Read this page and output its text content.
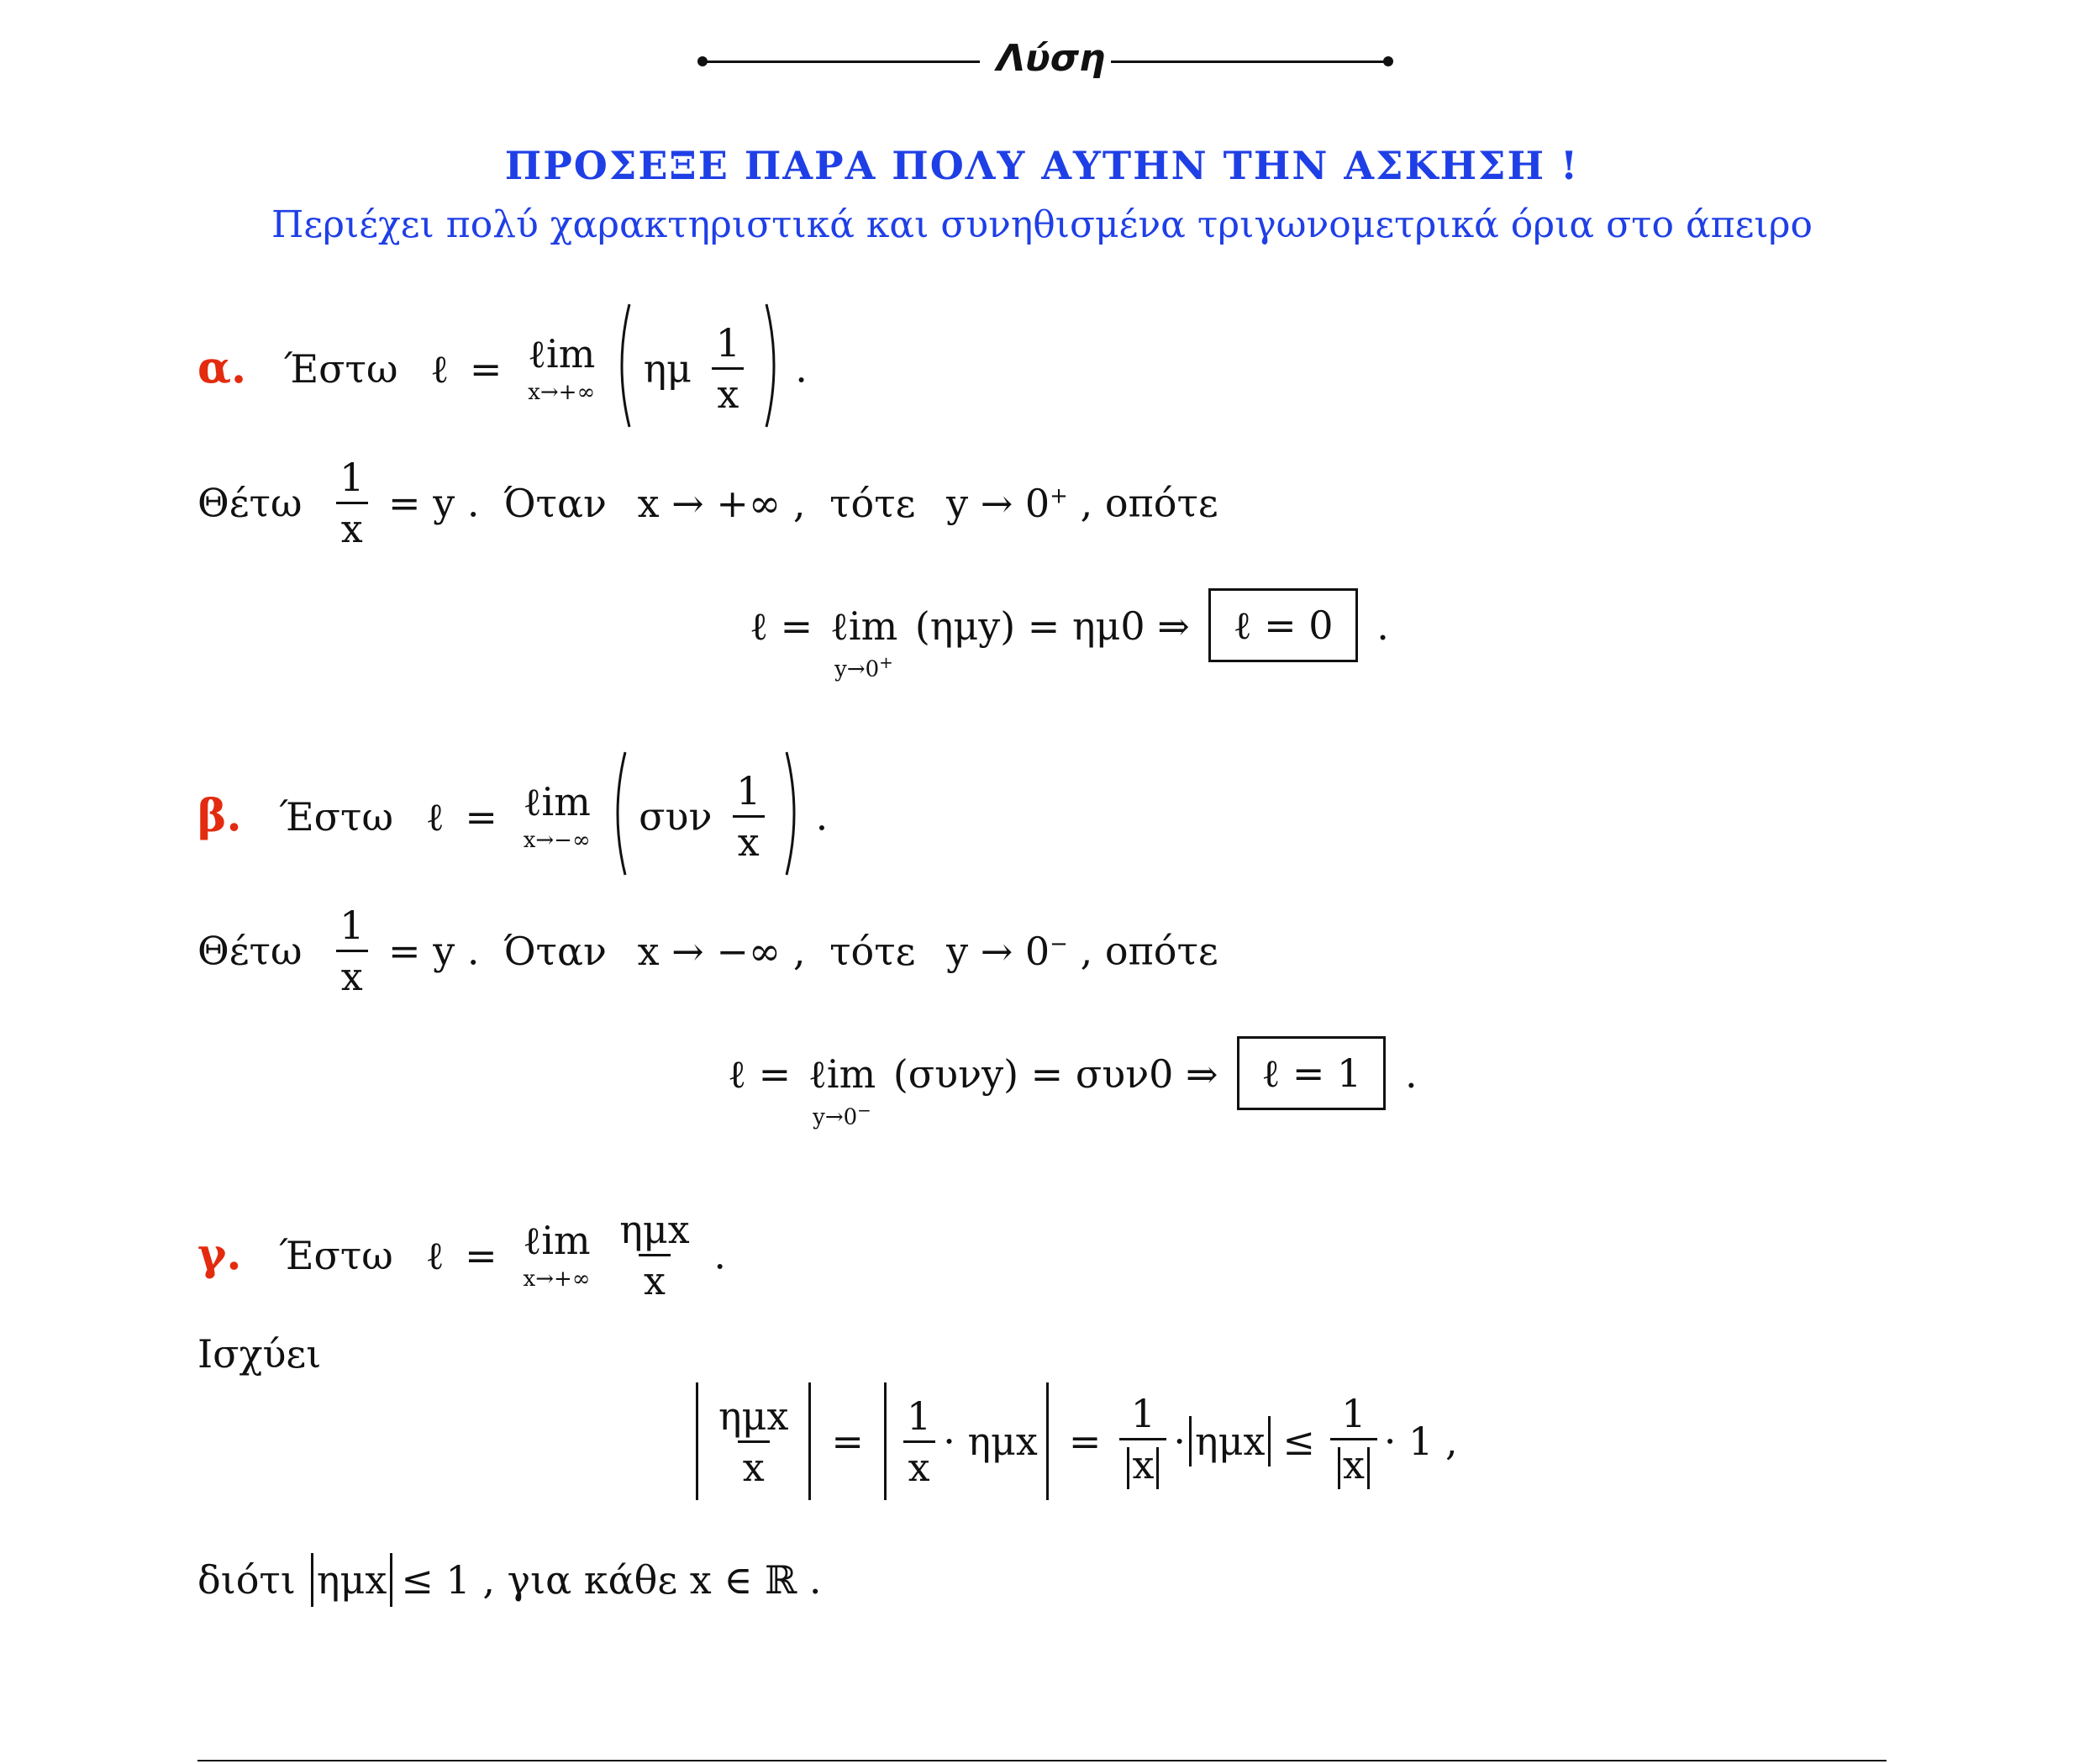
Λύση
ΠΡΟΣΕΞΕ ΠΑΡΑ ΠΟΛΥ ΑΥΤΗΝ ΤΗΝ ΑΣΚΗΣΗ !
Περιέχει πολύ χαρακτηριστικά και συνηθισμένα τριγωνομετρικά όρια στο άπειρο
α. Έστω ℓ = ℓim
x→+∞
ημ $\frac{1}{x}$ .
Θέτω $\frac{1}{x} = y$ . Όταν x → +∞ , τότε y → 0+ , οπότε
ℓ = ℓim
y→0+
(ημy) = ημ0 ⇒ ℓ = 0 .
β. Έστω ℓ = ℓim
x→−∞
συν $\frac{1}{x}$ .
Θέτω $\frac{1}{x} = y$ . Όταν x → −∞ , τότε y → 0− , οπότε
ℓ = ℓim
y→0−
(συνy) = συν0 ⇒ ℓ = 1 .
γ. Έστω ℓ = ℓim
x→+∞
$\frac{\text{ημx}}{x}$ .
Ισχύει
$\frac{\text{ημx}}{x} = \frac{1}{x} \cdot \eta\mu x = \frac{1}{x} \cdot \eta\mu x \le \frac{1}{x} \cdot 1$ ,
διότι ημx ≤ 1 , για κάθε x ∈ ℝ .
